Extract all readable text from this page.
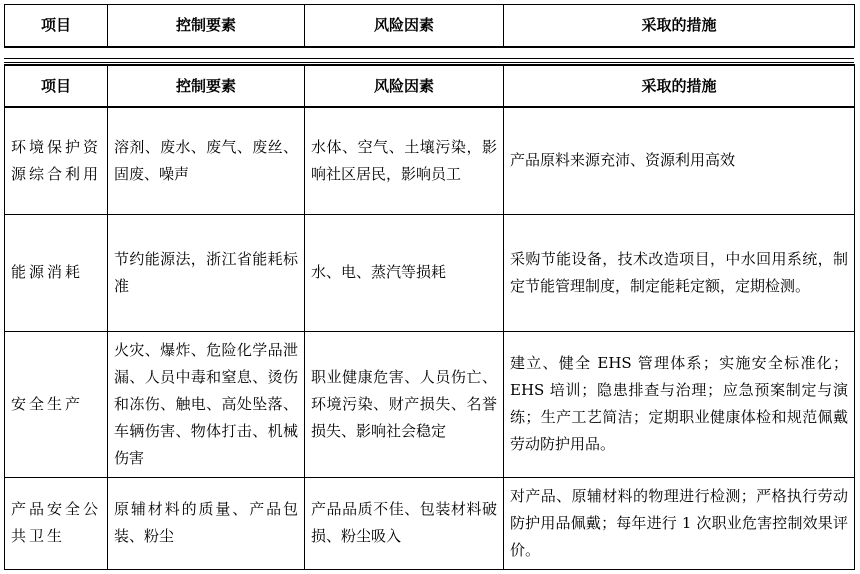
项目	控制要素	风险因素	采取的措施
项目	控制要素	风险因素	采取的措施
环境保护资源综合利用	溶剂、废水、废气、废丝、固废、噪声	水体、空气、土壤污染，影响社区居民，影响员工	产品原料来源充沛、资源利用高效
能源消耗	节约能源法，浙江省能耗标准	水、电、蒸汽等损耗	采购节能设备，技术改造项目，中水回用系统，制定节能管理制度，制定能耗定额，定期检测。
安全生产	火灾、爆炸、危险化学品泄漏、人员中毒和窒息、烫伤和冻伤、触电、高处坠落、车辆伤害、物体打击、机械伤害	职业健康危害、人员伤亡、环境污染、财产损失、名誉损失、影响社会稳定	建立、健全 EHS 管理体系；实施安全标准化；EHS 培训；隐患排查与治理；应急预案制定与演练；生产工艺简洁；定期职业健康体检和规范佩戴劳动防护用品。
产品安全公共卫生	原辅材料的质量、产品包装、粉尘	产品品质不佳、包装材料破损、粉尘吸入	对产品、原辅材料的物理进行检测；严格执行劳动防护用品佩戴；每年进行 1 次职业危害控制效果评价。
